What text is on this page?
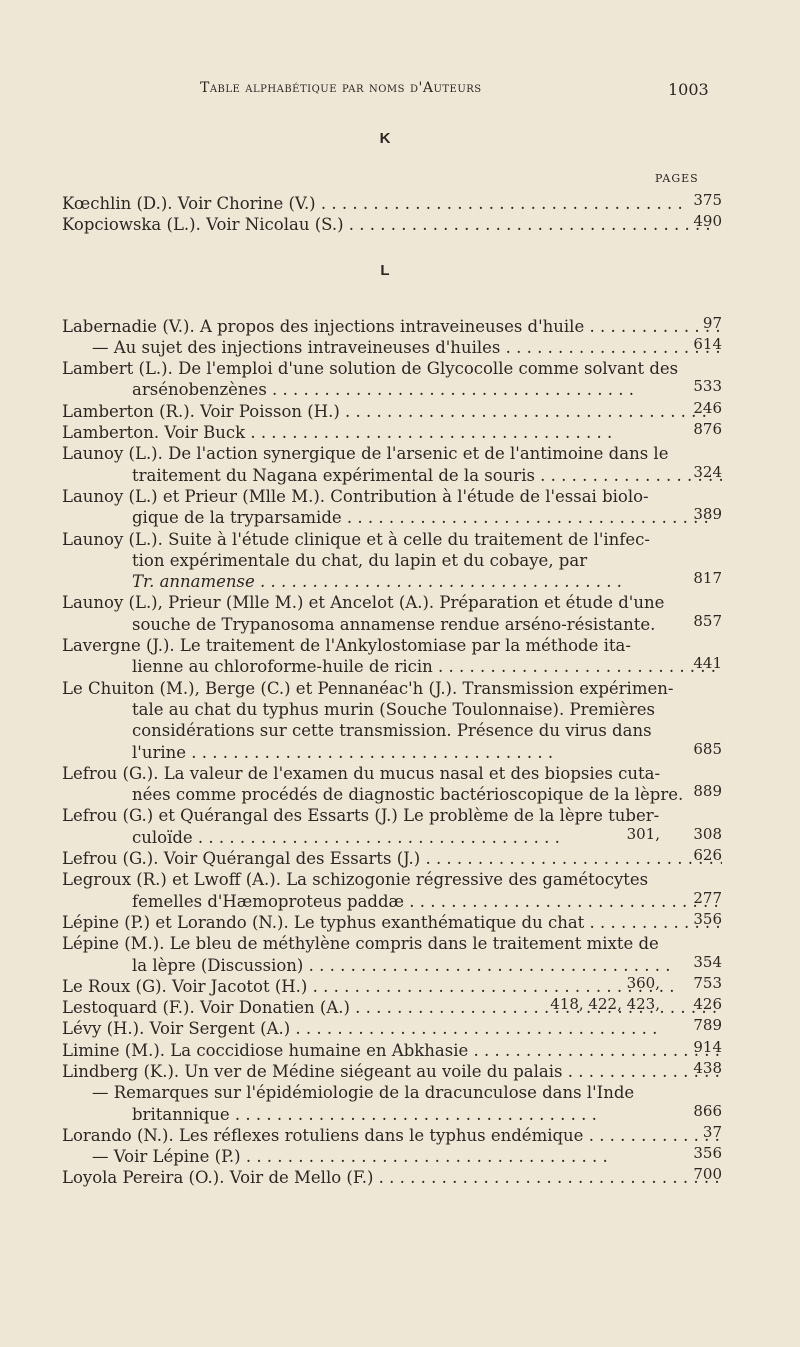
Table alphabétique par noms d'Auteurs	1003
K
PAGES
L
Kœchlin (D.). Voir Chorine (V.) . . .	375
Kopciowska (L.). Voir Nicolau (S.) . . .	490
Labernadie (V.). A propos des injections intraveineuses d'huile . . .	97
— Au sujet des injections intraveineuses d'huiles . . .	614
Lambert (L.). De l'emploi d'une solution de Glycocolle comme solvant des
arsénobenzènes . . .	533
Lamberton (R.). Voir Poisson (H.) . . .	246
Lamberton. Voir Buck . . .	876
Launoy (L.). De l'action synergique de l'arsenic et de l'antimoine dans le
traitement du Nagana expérimental de la souris . . .	324
Launoy (L.) et Prieur (Mlle M.). Contribution à l'étude de l'essai biolo-
gique de la tryparsamide . . .	389
Launoy (L.). Suite à l'étude clinique et à celle du traitement de l'infec-
tion expérimentale du chat, du lapin et du cobaye, par
Tr. annamense . . .	817
Launoy (L.), Prieur (Mlle M.) et Ancelot (A.). Préparation et étude d'une
souche de Trypanosoma annamense rendue arséno-résistante.	857
Lavergne (J.). Le traitement de l'Ankylostomiase par la méthode ita-
lienne au chloroforme-huile de ricin . . .	441
Le Chuiton (M.), Berge (C.) et Pennanéac'h (J.). Transmission expérimen-
tale au chat du typhus murin (Souche Toulonnaise). Premières
considérations sur cette transmission. Présence du virus dans
l'urine . . .	685
Lefrou (G.). La valeur de l'examen du mucus nasal et des biopsies cuta-
nées comme procédés de diagnostic bactérioscopique de la lèpre. 889
Lefrou (G.) et Quérangal des Essarts (J.) Le problème de la lèpre tuber-
culoïde . . .	301,	308
Lefrou (G.). Voir Quérangal des Essarts (J.) . . .	626
Legroux (R.) et Lwoff (A.). La schizogonie régressive des gamétocytes
femelles d'Hæmoproteus paddæ . . .	277
Lépine (P.) et Lorando (N.). Le typhus exanthématique du chat . . .	356
Lépine (M.). Le bleu de méthylène compris dans le traitement mixte de
la lèpre (Discussion) . . .	354
Le Roux (G). Voir Jacotot (H.) . . .	360,	753
Lestoquard (F.). Voir Donatien (A.) . . .	418, 422, 423,	426
Lévy (H.). Voir Sergent (A.) . . .	789
Limine (M.). La coccidiose humaine en Abkhasie . . .	914
Lindberg (K.). Un ver de Médine siégeant au voile du palais . . .	438
— Remarques sur l'épidémiologie de la dracunculose dans l'Inde
britannique . . .	866
Lorando (N.). Les réflexes rotuliens dans le typhus endémique . . .	37
— Voir Lépine (P.) . . .	356
Loyola Pereira (O.). Voir de Mello (F.) . . .	700
